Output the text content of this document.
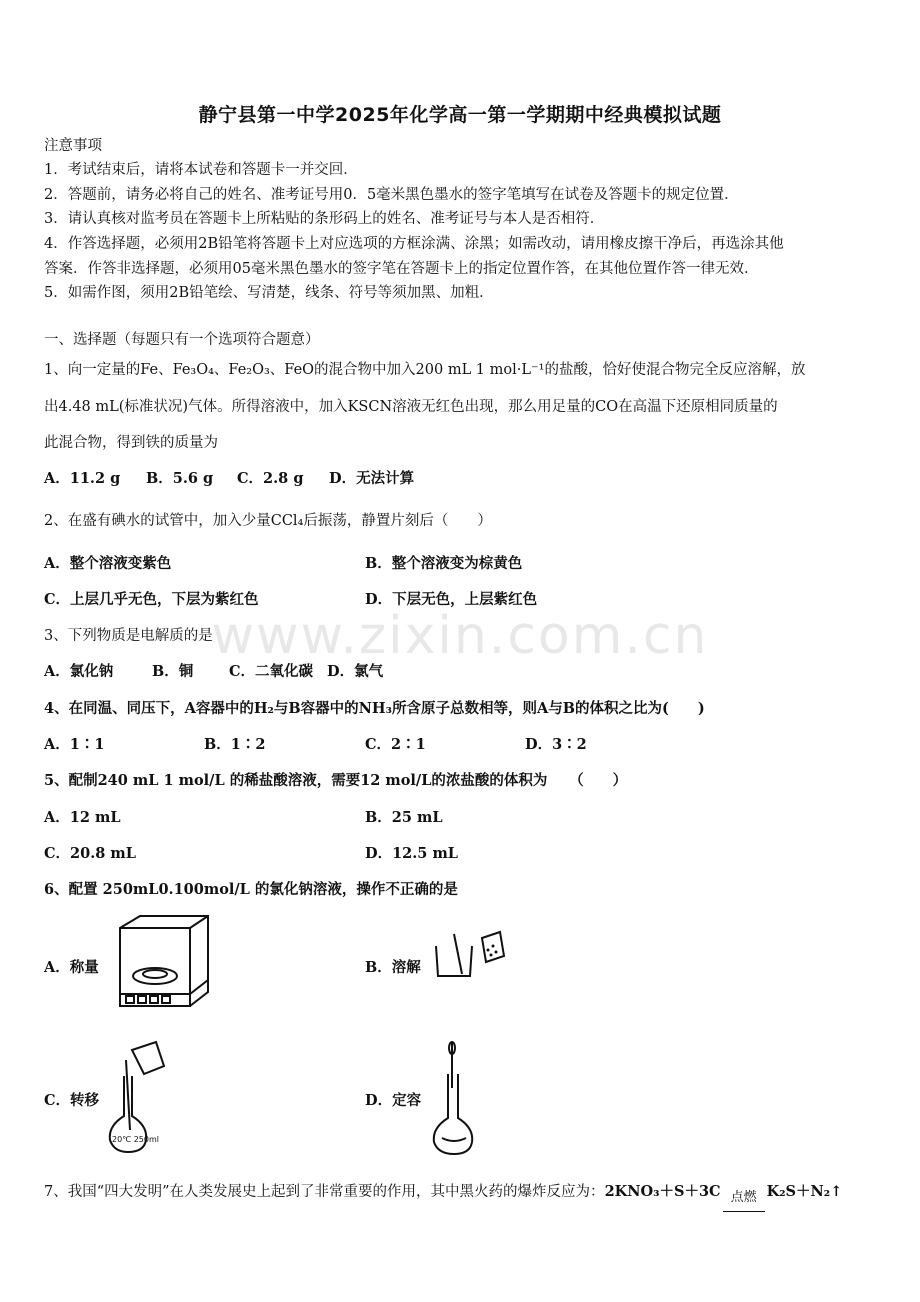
www.zixin.com.cn
静宁县第一中学2025年化学高一第一学期期中经典模拟试题
注意事项
1．考试结束后，请将本试卷和答题卡一并交回．
2．答题前，请务必将自己的姓名、准考证号用0．5毫米黑色墨水的签字笔填写在试卷及答题卡的规定位置．
3．请认真核对监考员在答题卡上所粘贴的条形码上的姓名、准考证号与本人是否相符．
4．作答选择题，必须用2B铅笔将答题卡上对应选项的方框涂满、涂黑；如需改动，请用橡皮擦干净后，再选涂其他
答案．作答非选择题，必须用05毫米黑色墨水的签字笔在答题卡上的指定位置作答，在其他位置作答一律无效．
5．如需作图，须用2B铅笔绘、写清楚，线条、符号等须加黑、加粗．
一、选择题（每题只有一个选项符合题意）
1、向一定量的Fe、Fe₃O₄、Fe₂O₃、FeO的混合物中加入200 mL 1 mol·L⁻¹的盐酸，恰好使混合物完全反应溶解，放
出4.48 mL(标准状况)气体。所得溶液中，加入KSCN溶液无红色出现，那么用足量的CO在高温下还原相同质量的
此混合物，得到铁的质量为
A．11.2 g B．5.6 g C．2.8 g D．无法计算
2、在盛有碘水的试管中，加入少量CCl₄后振荡，静置片刻后（　　）
A．整个溶液变紫色	B．整个溶液变为棕黄色
C．上层几乎无色，下层为紫红色	D．下层无色，上层紫红色
3、下列物质是电解质的是
A．氯化钠	B．铜 C．二氧化碳 D．氯气
4、在同温、同压下，A容器中的H₂与B容器中的NH₃所含原子总数相等，则A与B的体积之比为(　　)
A．1∶1	B．1∶2	C．2∶1	D．3∶2
5、配制240 mL 1 mol/L 的稀盐酸溶液，需要12 mol/L的浓盐酸的体积为　　（　　）
A．12 mL	B．25 mL
C．20.8 mL	D．12.5 mL
6、配置 250mL0.100mol/L 的氯化钠溶液，操作不正确的是
A．称量	B．溶解
C．转移	D．定容
20℃ 250ml
7、我国“四大发明”在人类发展史上起到了非常重要的作用，其中黑火药的爆炸反应为：2KNO₃＋S＋3C 点燃 K₂S＋N₂↑
